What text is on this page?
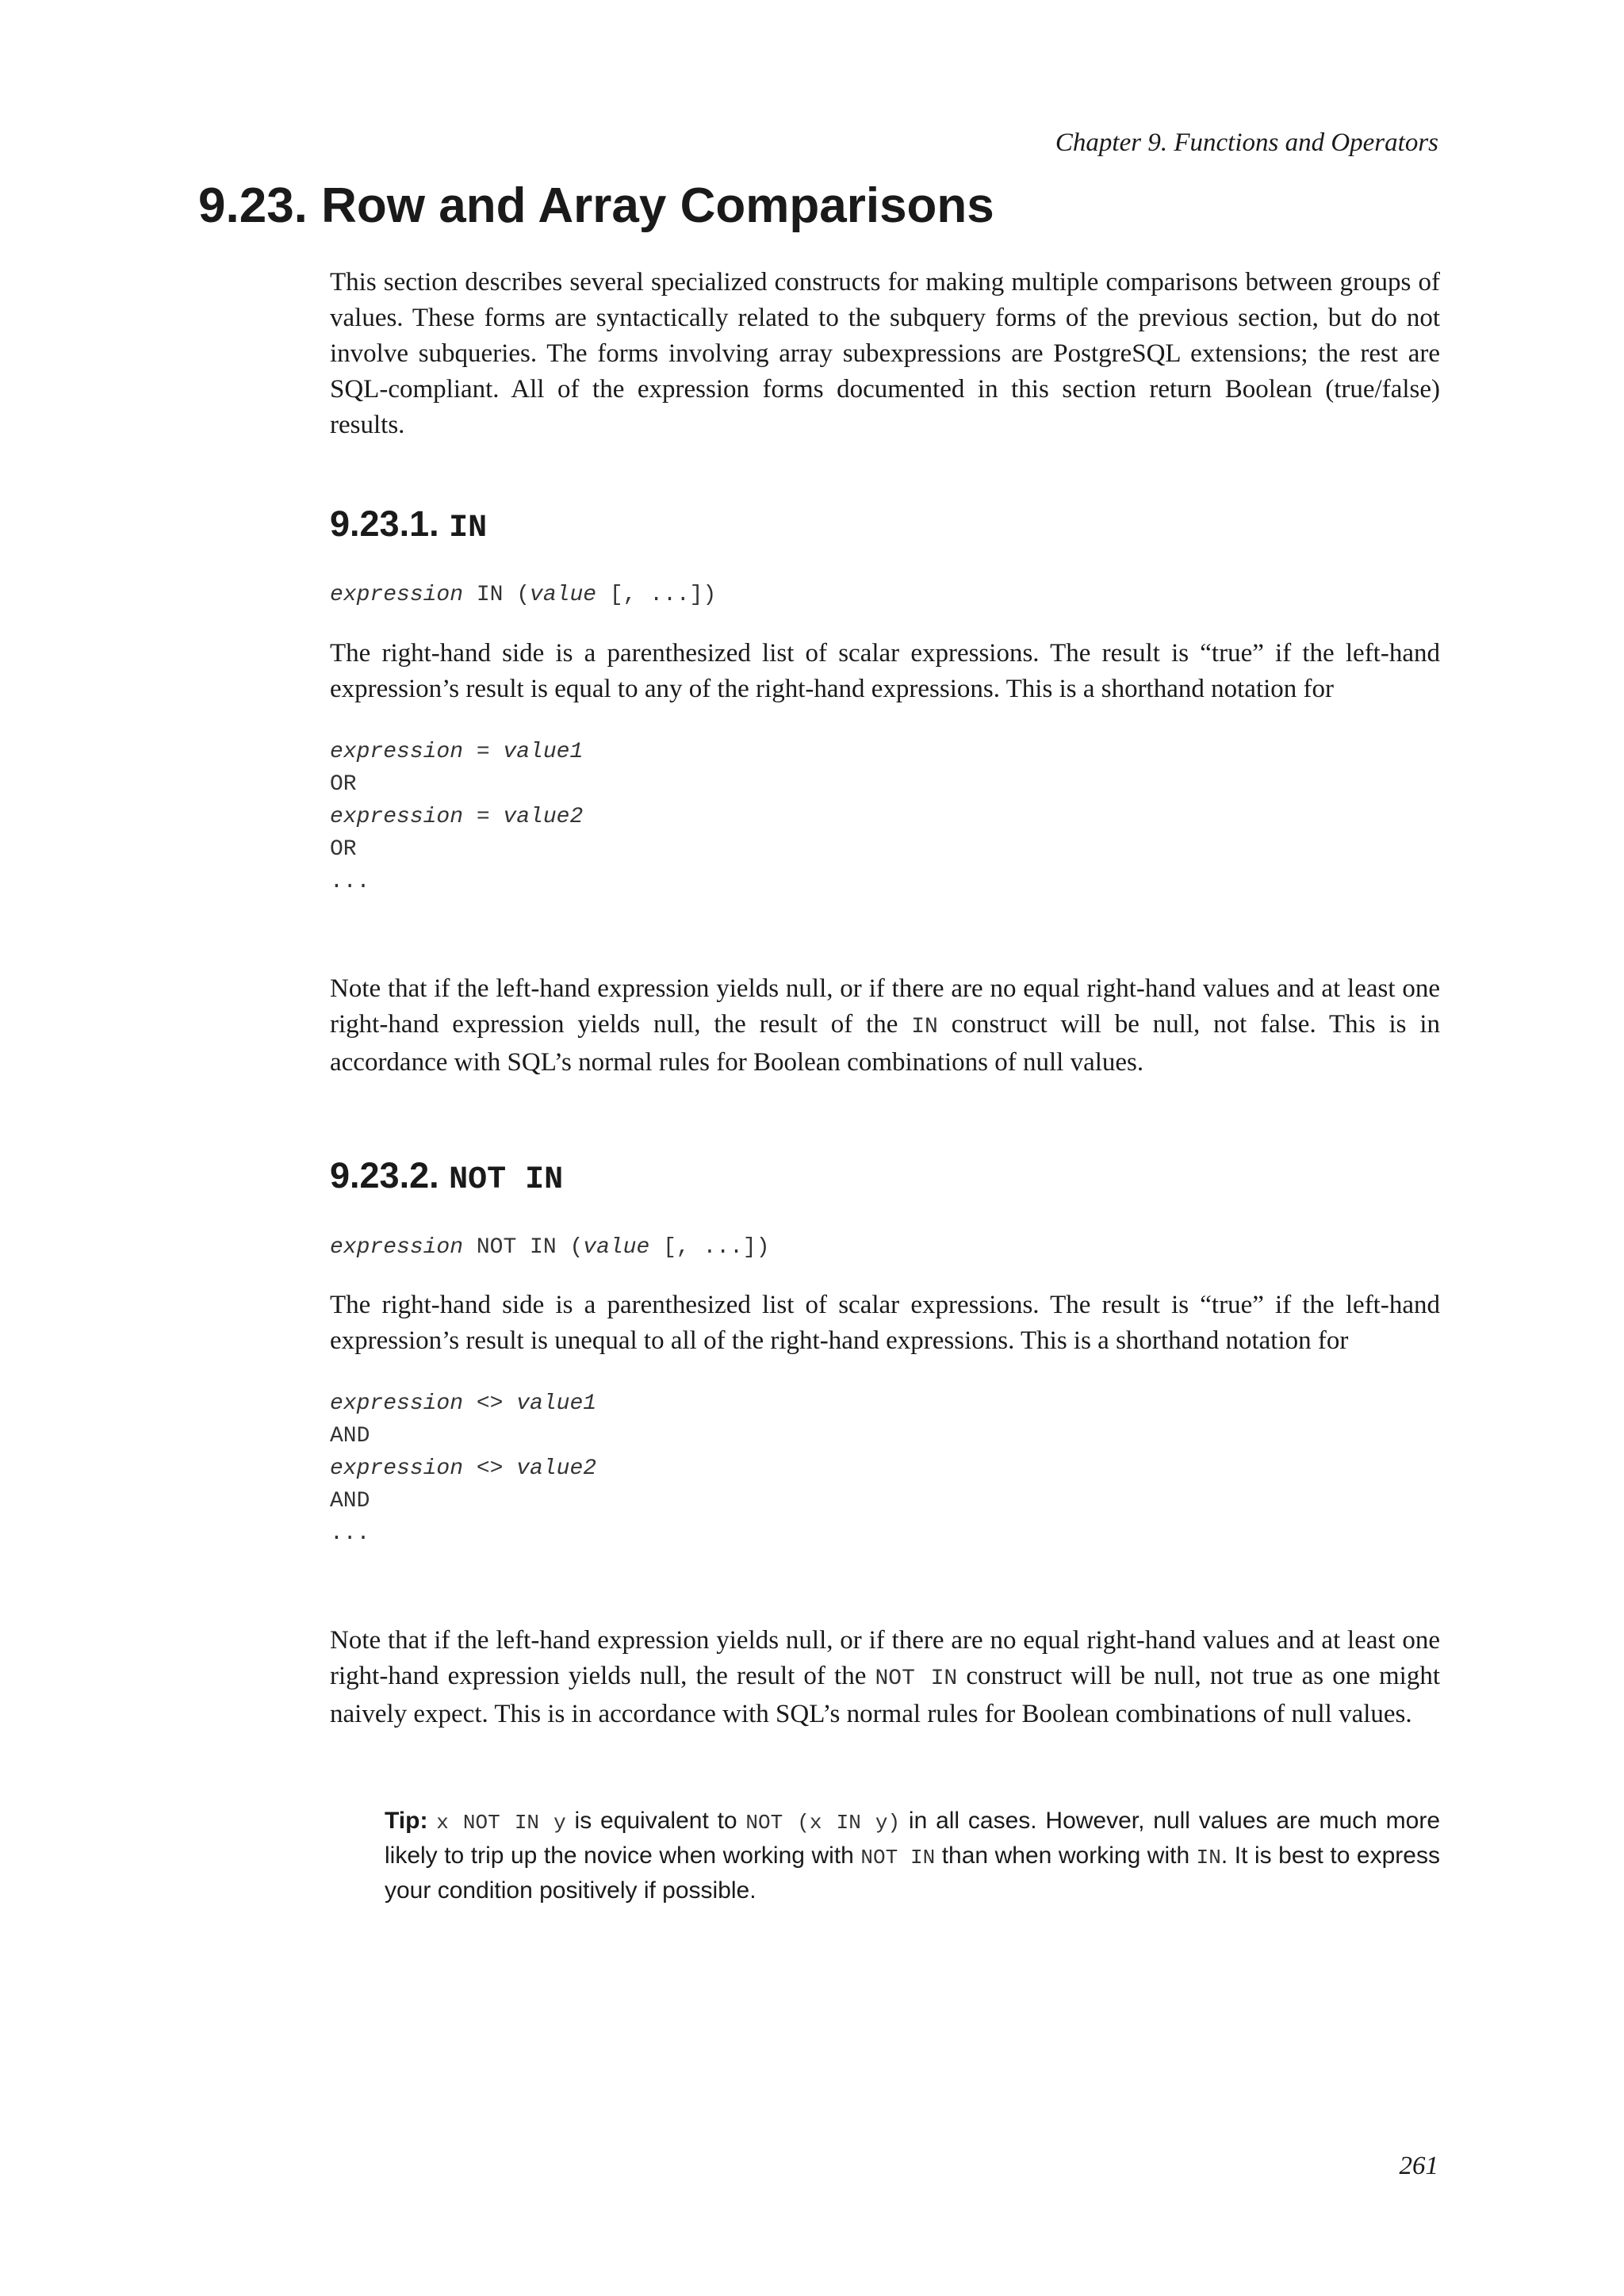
Chapter 9. Functions and Operators
9.23. Row and Array Comparisons

This section describes several specialized constructs for making multiple comparisons between groups of values. These forms are syntactically related to the subquery forms of the previous section, but do not involve subqueries. The forms involving array subexpressions are PostgreSQL extensions; the rest are SQL-compliant. All of the expression forms documented in this section return Boolean (true/false) results.

9.23.1. IN
expression IN (value [, ...])

The right-hand side is a parenthesized list of scalar expressions. The result is “true” if the left-hand expression’s result is equal to any of the right-hand expressions. This is a shorthand notation for

expression = value1
OR
expression = value2
OR
...

Note that if the left-hand expression yields null, or if there are no equal right-hand values and at least one right-hand expression yields null, the result of the IN construct will be null, not false. This is in accordance with SQL’s normal rules for Boolean combinations of null values.

9.23.2. NOT IN
expression NOT IN (value [, ...])

The right-hand side is a parenthesized list of scalar expressions. The result is “true” if the left-hand expression’s result is unequal to all of the right-hand expressions. This is a shorthand notation for

expression <> value1
AND
expression <> value2
AND
...

Note that if the left-hand expression yields null, or if there are no equal right-hand values and at least one right-hand expression yields null, the result of the NOT IN construct will be null, not true as one might naively expect. This is in accordance with SQL’s normal rules for Boolean combinations of null values.

Tip: x NOT IN y is equivalent to NOT (x IN y) in all cases. However, null values are much more likely to trip up the novice when working with NOT IN than when working with IN. It is best to express your condition positively if possible.

261
